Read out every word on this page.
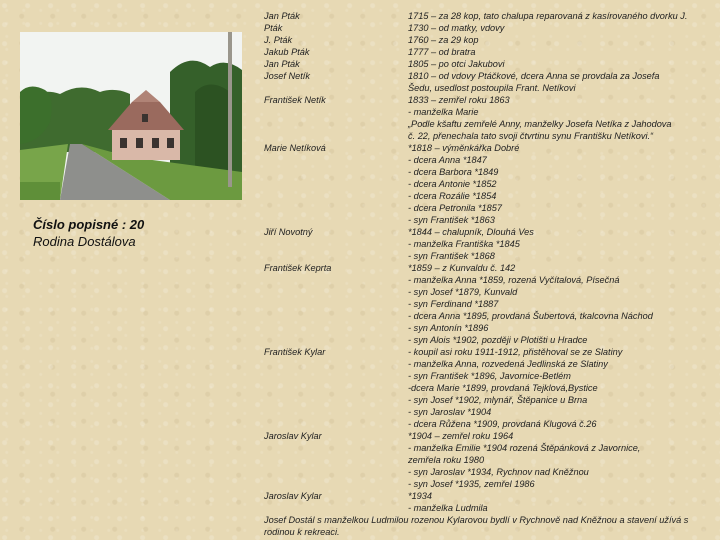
Číslo popisné : 20
Rodina Dostálova
Jan Pták	1715 – za 28 kop, tato chalupa reparovaná z kasírovaného dvorku J.
Pták	1730 – od matky, vdovy
J. Pták	1760 – za 29 kop
Jakub Pták	1777 – od bratra
Jan Pták	1805 – po otci Jakubovi
Josef Netík	1810 – od vdovy Ptáčkové, dcera Anna se provdala za Josefa
Šedu, usedlost postoupila Frant. Netíkovi
František Netík	1833 – zemřel roku 1863
- manželka Marie
„Podle kšaftu zemřelé Anny, manželky Josefa Netíka z Jahodova
č. 22, přenechala tato svoji čtvrtinu synu Františku Netíkovi.“
Marie Netíková	*1818 – výměnkářka Dobré
- dcera Anna *1847
- dcera Barbora *1849
- dcera Antonie *1852
- dcera Rozálie *1854
- dcera Petronila *1857
- syn František *1863
Jiří Novotný	*1844 – chalupník, Dlouhá Ves
- manželka Františka *1845
- syn František *1868
František Keprta	*1859 – z Kunvaldu č. 142
- manželka Anna *1859, rozená Vyčítalová, Písečná
- syn Josef *1879, Kunvald
- syn Ferdinand *1887
- dcera Anna *1895, provdaná Šubertová, tkalcovna Náchod
- syn Antonín *1896
- syn Alois *1902, později v Plotišti u Hradce
František Kylar	- koupil asi roku 1911-1912, přistěhoval se ze Slatiny
- manželka Anna, rozvedená Jedlinská ze Slatiny
- syn František *1896, Javornice-Betlém
-dcera Marie *1899, provdaná Tejklová,Bystice
- syn Josef *1902, mlynář, Štěpanice u Brna
- syn Jaroslav *1904
- dcera Růžena *1909, provdaná Klugová č.26
Jaroslav Kylar	*1904 – zemřel roku 1964
- manželka Emilie *1904 rozená Štěpánková z Javornice,
zemřela roku 1980
- syn Jaroslav *1934, Rychnov nad Kněžnou
- syn Josef *1935, zemřel 1986
Jaroslav Kylar	*1934
- manželka Ludmila
Josef Dostál s manželkou Ludmilou rozenou Kylarovou bydlí v Rychnově nad Kněžnou a stavení užívá s rodinou k rekreaci.
